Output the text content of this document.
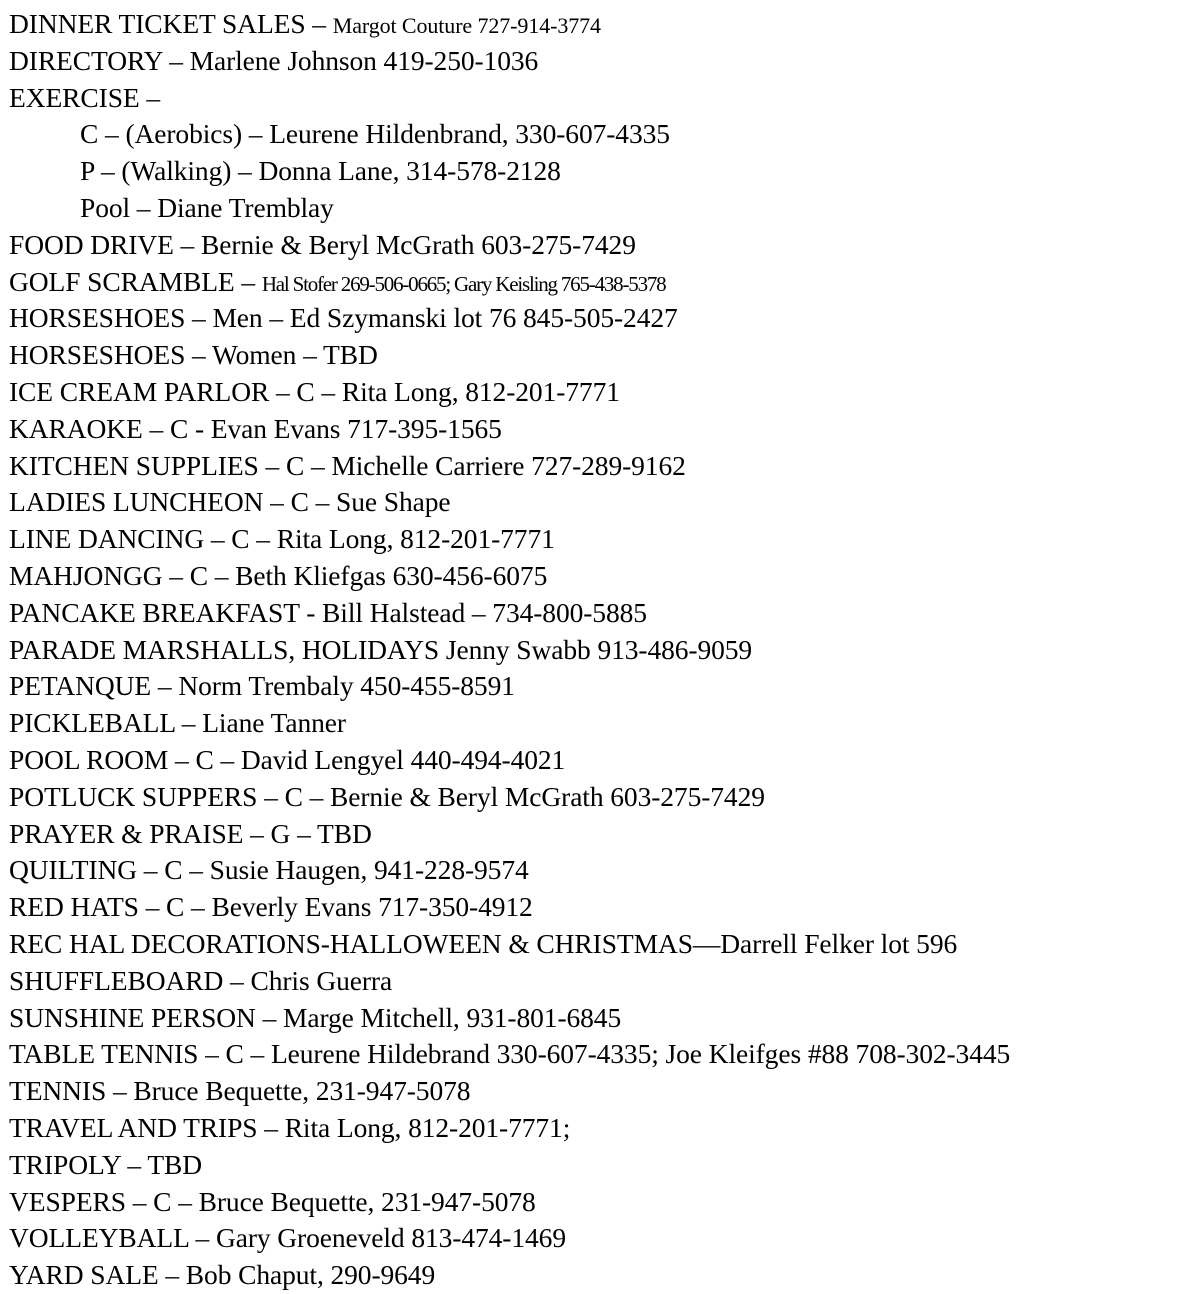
DINNER TICKET SALES – Margot Couture 727-914-3774
DIRECTORY – Marlene Johnson 419-250-1036
EXERCISE –
C – (Aerobics) – Leurene Hildenbrand, 330-607-4335
P – (Walking) – Donna Lane, 314-578-2128
Pool – Diane Tremblay
FOOD DRIVE – Bernie & Beryl McGrath 603-275-7429
GOLF SCRAMBLE – Hal Stofer 269-506-0665; Gary Keisling 765-438-5378
HORSESHOES – Men – Ed Szymanski lot 76 845-505-2427
HORSESHOES – Women – TBD
ICE CREAM PARLOR – C – Rita Long, 812-201-7771
KARAOKE – C - Evan Evans 717-395-1565
KITCHEN SUPPLIES – C – Michelle Carriere 727-289-9162
LADIES LUNCHEON – C – Sue Shape
LINE DANCING – C – Rita Long, 812-201-7771
MAHJONGG – C – Beth Kliefgas 630-456-6075
PANCAKE BREAKFAST - Bill Halstead – 734-800-5885
PARADE MARSHALLS, HOLIDAYS Jenny Swabb 913-486-9059
PETANQUE – Norm Trembaly 450-455-8591
PICKLEBALL – Liane Tanner
POOL ROOM – C – David Lengyel 440-494-4021
POTLUCK SUPPERS – C – Bernie & Beryl McGrath 603-275-7429
PRAYER & PRAISE – G – TBD
QUILTING – C – Susie Haugen, 941-228-9574
RED HATS – C – Beverly Evans 717-350-4912
REC HAL DECORATIONS-HALLOWEEN & CHRISTMAS—Darrell Felker lot 596
SHUFFLEBOARD – Chris Guerra
SUNSHINE PERSON – Marge Mitchell, 931-801-6845
TABLE TENNIS – C – Leurene Hildebrand 330-607-4335; Joe Kleifges #88 708-302-3445
TENNIS – Bruce Bequette, 231-947-5078
TRAVEL AND TRIPS – Rita Long, 812-201-7771;
TRIPOLY – TBD
VESPERS – C – Bruce Bequette, 231-947-5078
VOLLEYBALL – Gary Groeneveld 813-474-1469
YARD SALE – Bob Chaput, 290-9649
